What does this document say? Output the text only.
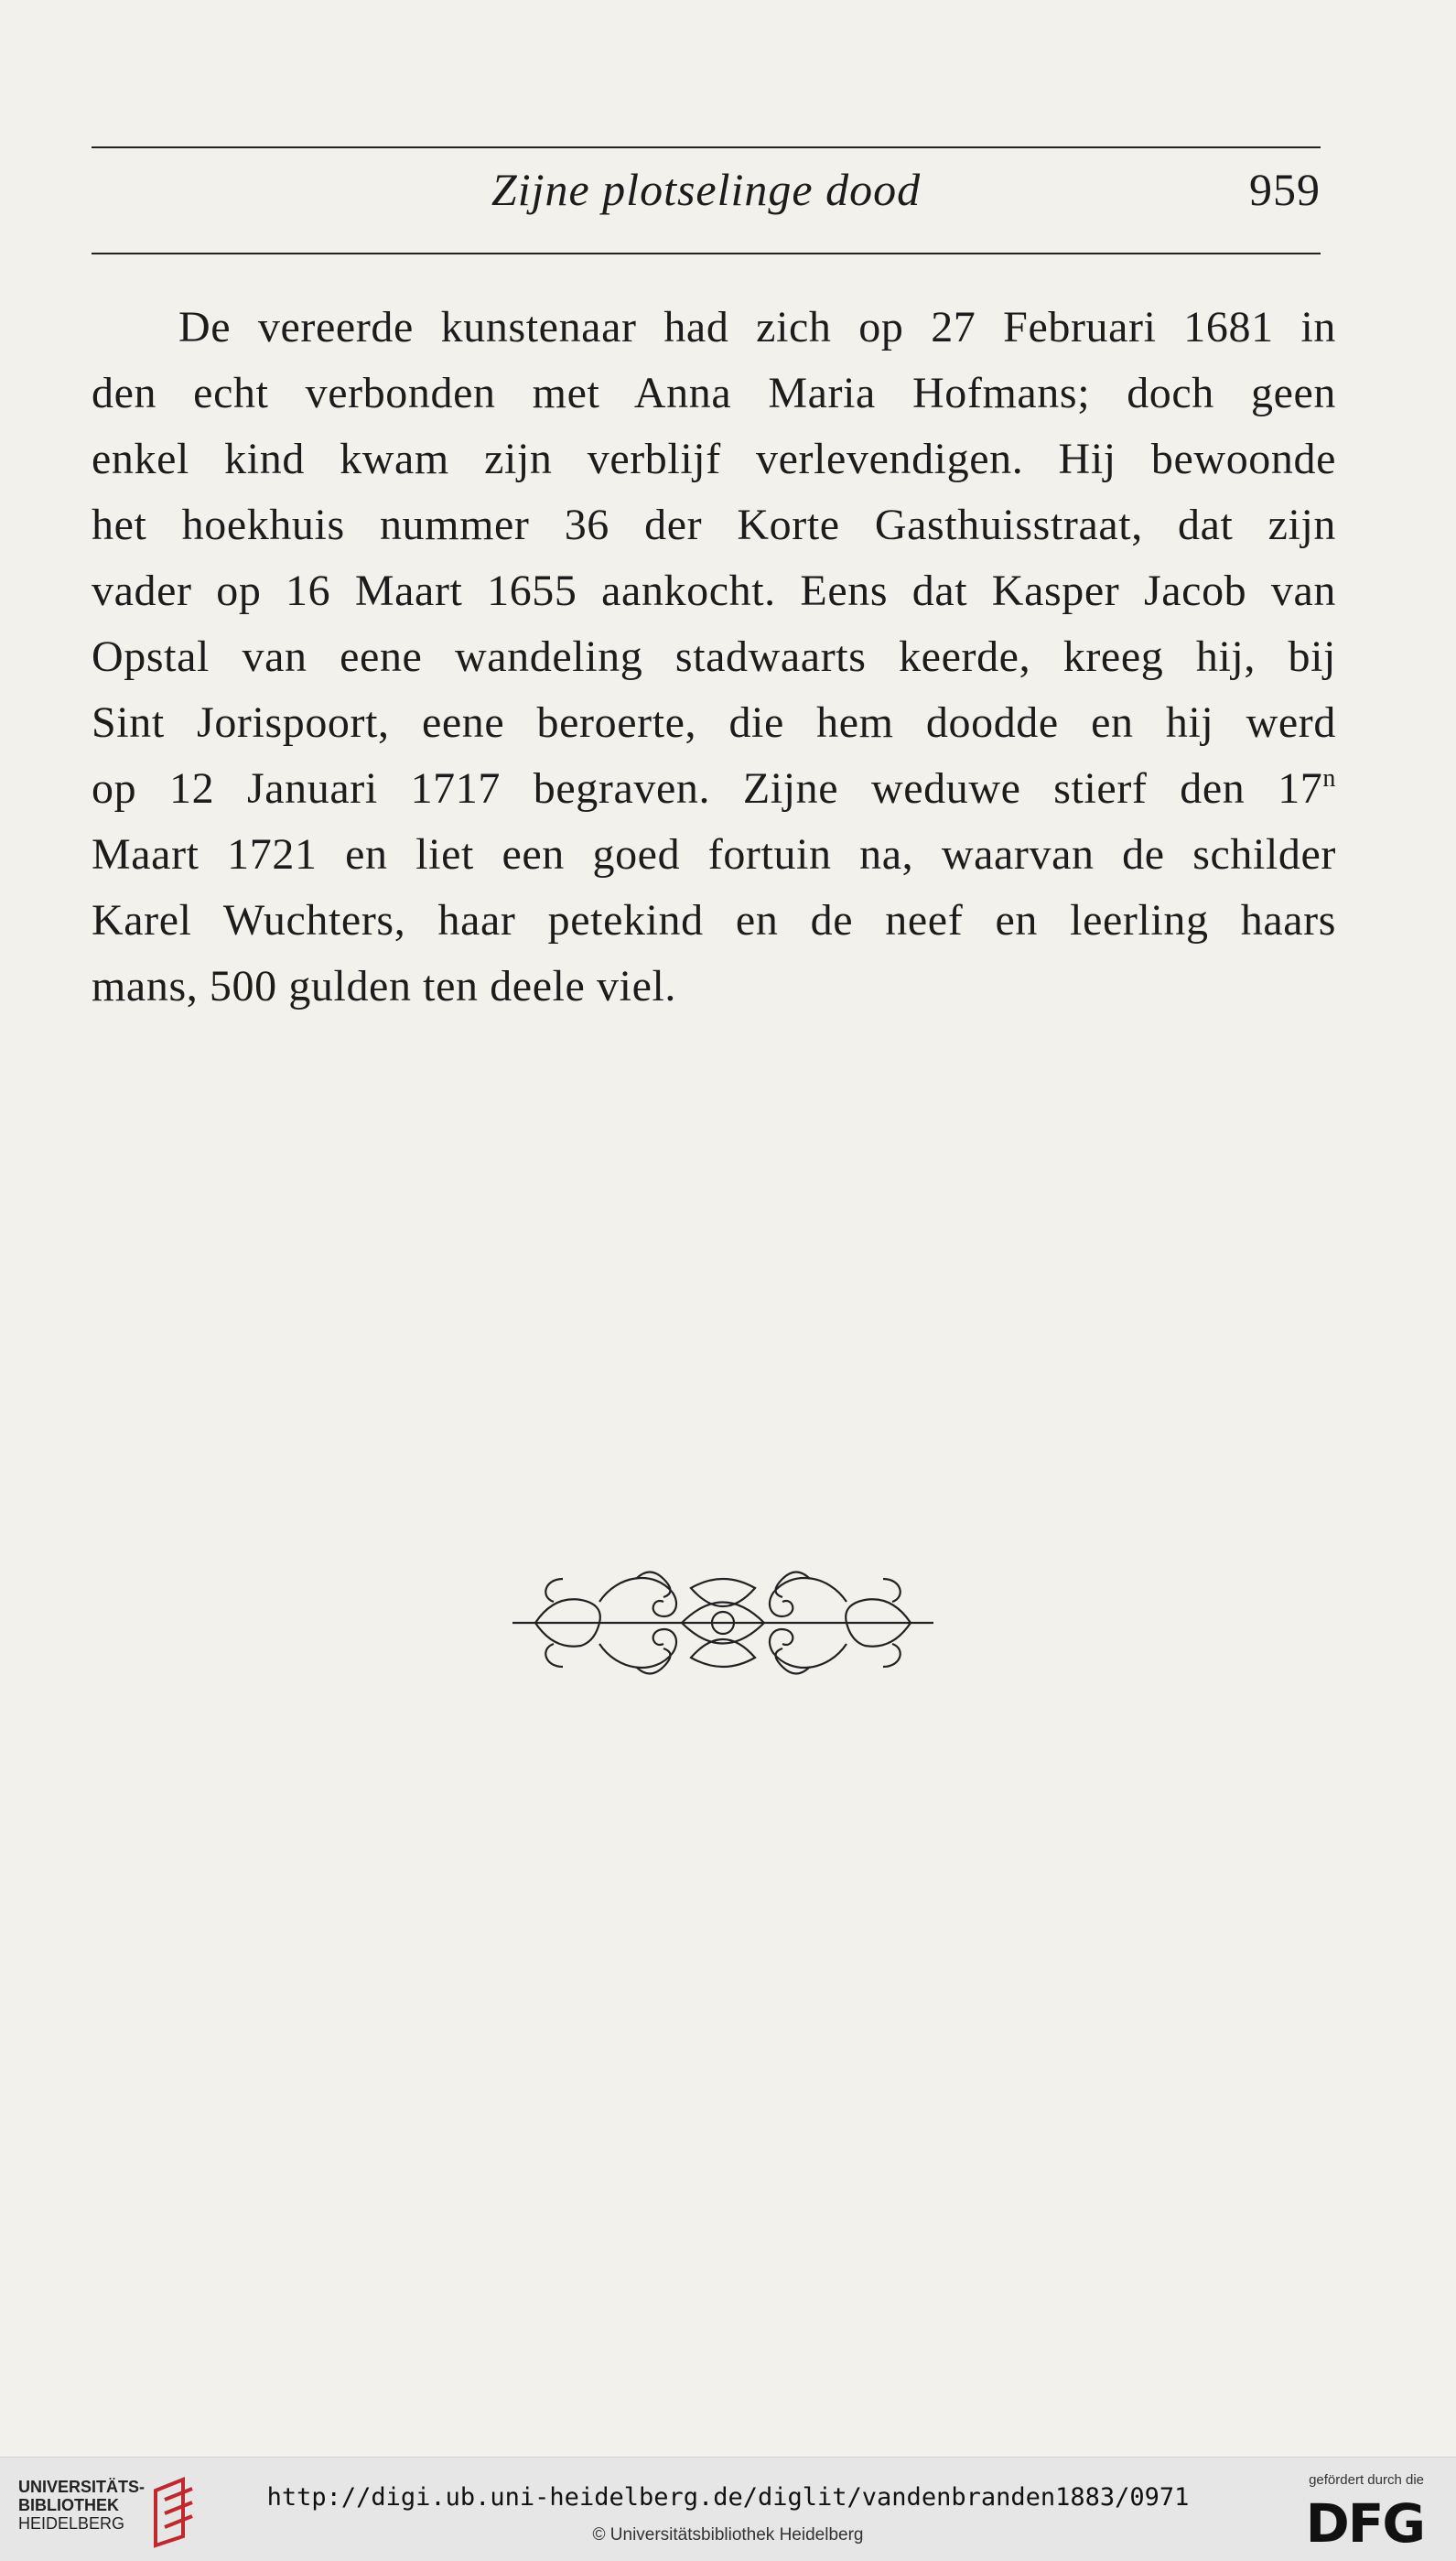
Zijne plotselinge dood	959
De vereerde kunstenaar had zich op 27 Februari 1681 in
den echt verbonden met Anna Maria Hofmans; doch geen
enkel kind kwam zijn verblijf verlevendigen. Hij bewoonde
het hoekhuis nummer 36 der Korte Gasthuisstraat, dat zijn
vader op 16 Maart 1655 aankocht. Eens dat Kasper Jacob van
Opstal van eene wandeling stadwaarts keerde, kreeg hij, bij
Sint Jorispoort, eene beroerte, die hem doodde en hij werd
op 12 Januari 1717 begraven. Zijne weduwe stierf den 17$^n$
Maart 1721 en liet een goed fortuin na, waarvan de schilder
Karel Wuchters, haar petekind en de neef en leerling haars
mans, 500 gulden ten deele viel.
UNIVERSITÄTS-
BIBLIOTHEK
HEIDELBERG
http://digi.ub.uni-heidelberg.de/diglit/vandenbranden1883/0971
© Universitätsbibliothek Heidelberg
gefördert durch die
DFG
